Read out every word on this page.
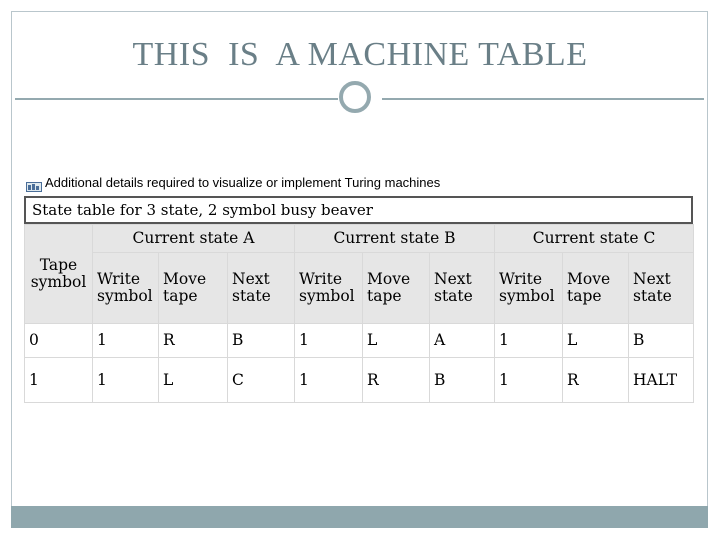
THIS  IS  A MACHINE TABLE
Additional details required to visualize or implement Turing machines
State table for 3 state, 2 symbol busy beaver
Tape symbol	Current state A			Current state B			Current state C		
	Write symbol	Move tape	Next state	Write symbol	Move tape	Next state	Write symbol	Move tape	Next state
0	1	R	B	1	L	A	1	L	B
1	1	L	C	1	R	B	1	R	HALT
